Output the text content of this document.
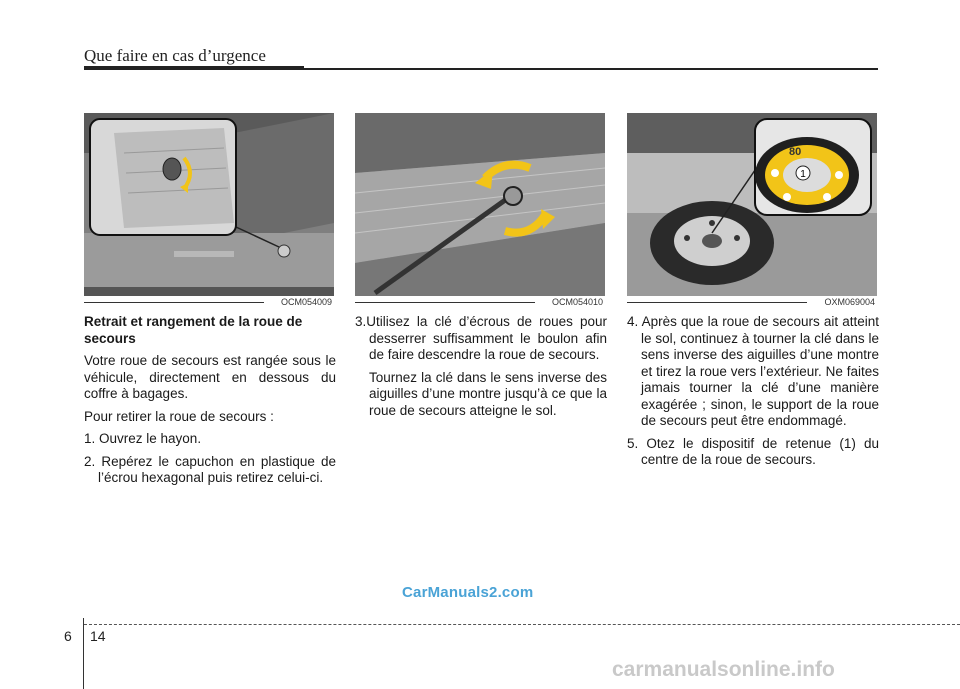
Que faire en cas d’urgence
OCM054009	OCM054010
1
80
OXM069004

Retrait et rangement de la roue de secours

Votre roue de secours est rangée sous le véhicule, directement en dessous du coffre à bagages.

Pour retirer la roue de secours :

1. Ouvrez le hayon.

2. Repérez le capuchon en plastique de l’écrou hexagonal puis retirez celui-ci.

3.Utilisez la clé d’écrous de roues pour desserrer suffisamment le boulon afin de faire descendre la roue de secours.

Tournez la clé dans le sens inverse des aiguilles d’une montre jusqu’à ce que la roue de secours atteigne le sol.

4. Après que la roue de secours ait atteint le sol, continuez à tourner la clé dans le sens inverse des aiguilles d’une montre et tirez la roue vers l’extérieur. Ne faites jamais tourner la clé d’une manière exagérée ; sinon, le support de la roue de secours peut être endommagé.

5. Otez le dispositif de retenue (1) du centre de la roue de secours.

CarManuals2.com
6 14
carmanualsonline.info
